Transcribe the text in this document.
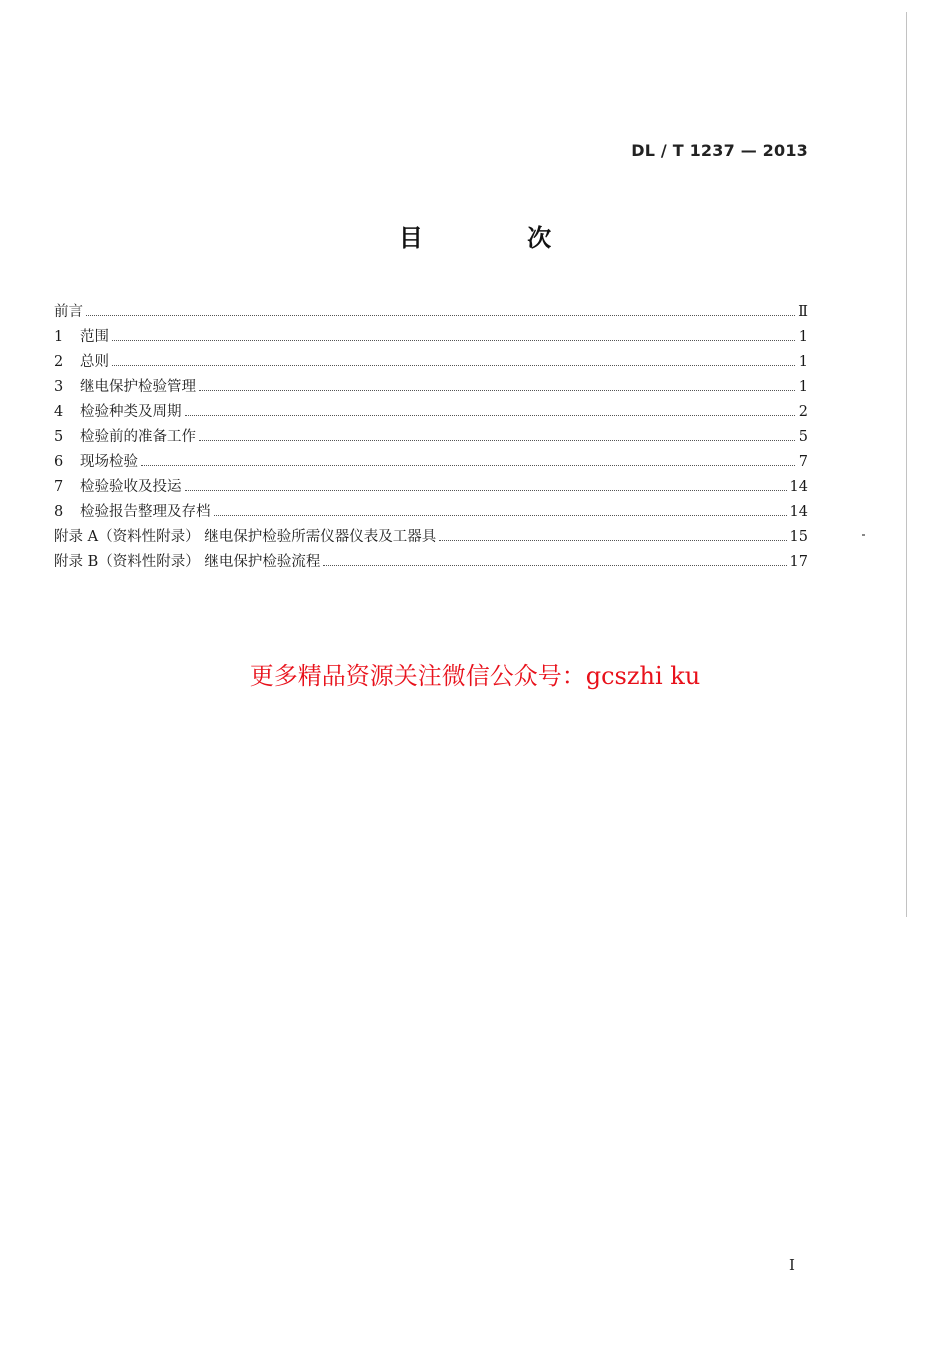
DL / T 1237 — 2013
目 次
前言	Ⅱ
1	范围	1
2	总则	1
3	继电保护检验管理	1
4	检验种类及周期	2
5	检验前的准备工作	5
6	现场检验	7
7	检验验收及投运	14
8	检验报告整理及存档	14
附录 A（资料性附录） 继电保护检验所需仪器仪表及工器具	15
附录 B（资料性附录） 继电保护检验流程	17
更多精品资源关注微信公众号：gcszhi ku
I
